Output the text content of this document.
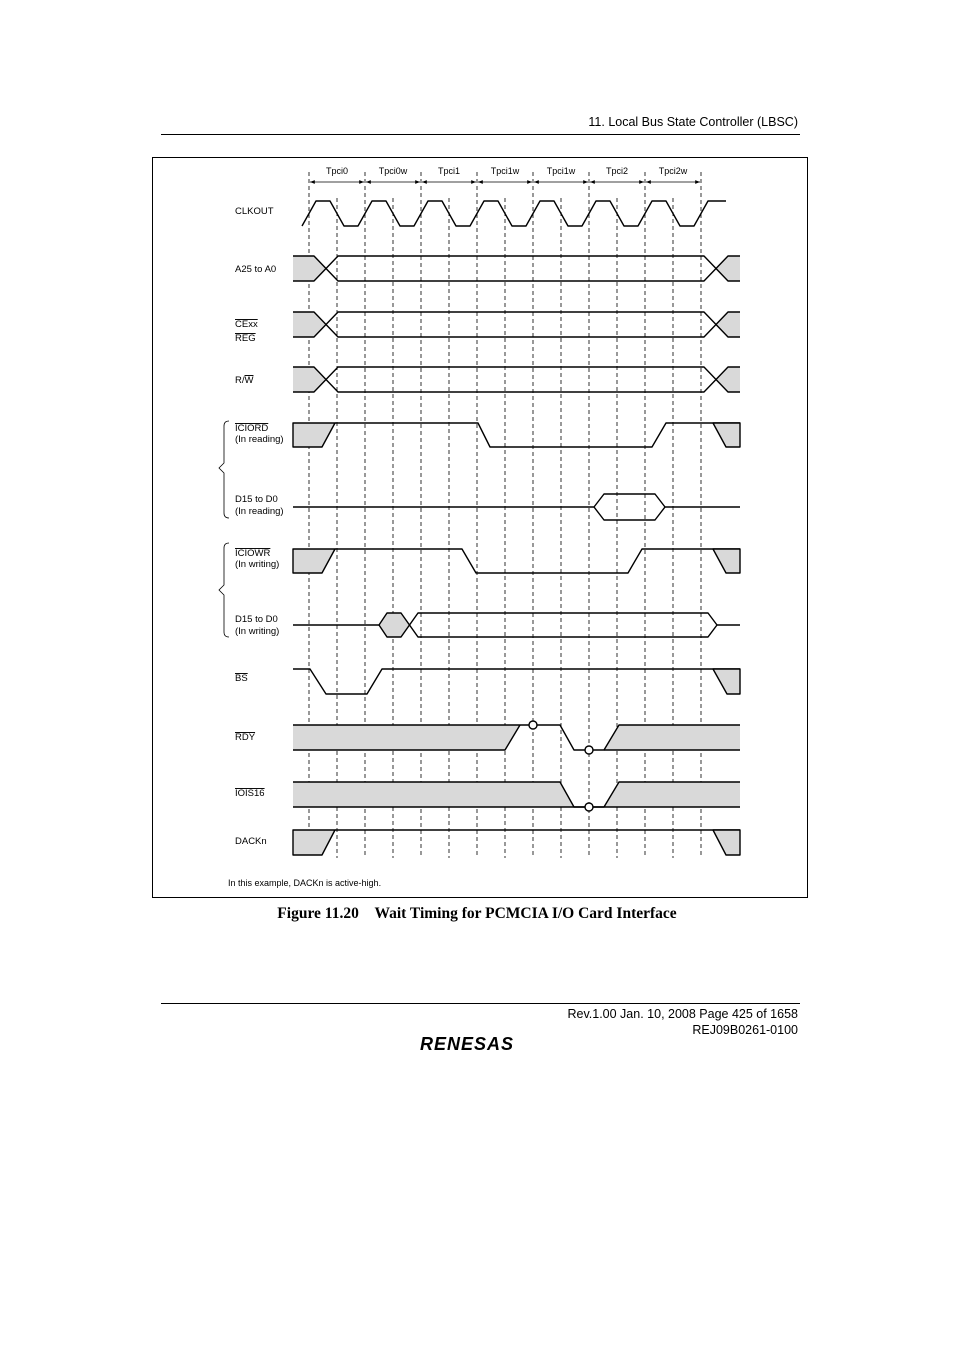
11. Local Bus State Controller (LBSC)
Tpci0	Tpci0w	Tpci1	Tpci1w	Tpci1w	Tpci2	Tpci2w
CLKOUT
A25 to A0
CExx
REG
R/W
ICIORD
(In reading)
D15 to D0
(In reading)
ICIOWR
(In writing)
D15 to D0
(In writing)
BS
RDY
IOIS16
DACKn
In this example, DACKn is active-high.
Figure 11.20 Wait Timing for PCMCIA I/O Card Interface
Rev.1.00 Jan. 10, 2008 Page 425 of 1658
REJ09B0261-0100
RENESAS
